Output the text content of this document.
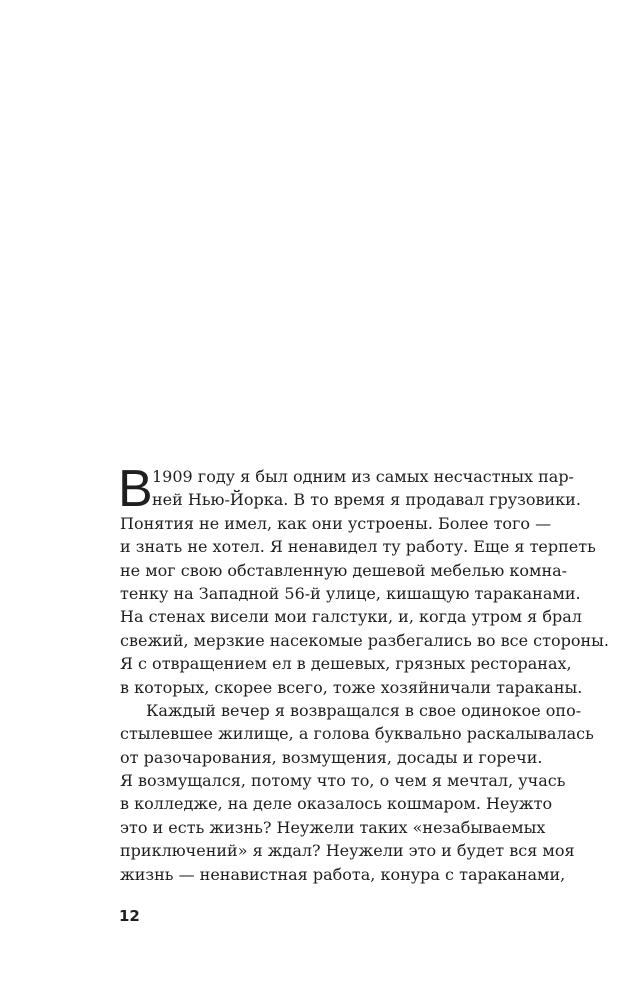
В 1909 году я был одним из самых несчастных пар-
ней Нью-Йорка. В то время я продавал грузовики.
Понятия не имел, как они устроены. Более того —
и знать не хотел. Я ненавидел ту работу. Еще я терпеть
не мог свою обставленную дешевой мебелью комна-
тенку на Западной 56-й улице, кишащую тараканами.
На стенах висели мои галстуки, и, когда утром я брал
свежий, мерзкие насекомые разбегались во все стороны.
Я с отвращением ел в дешевых, грязных ресторанах,
в которых, скорее всего, тоже хозяйничали тараканы.
Каждый вечер я возвращался в свое одинокое опо-
стылевшее жилище, а голова буквально раскалывалась
от разочарования, возмущения, досады и горечи.
Я возмущался, потому что то, о чем я мечтал, учась
в колледже, на деле оказалось кошмаром. Неужто
это и есть жизнь? Неужели таких «незабываемых
приключений» я ждал? Неужели это и будет вся моя
жизнь — ненавистная работа, конура с тараканами,
12
